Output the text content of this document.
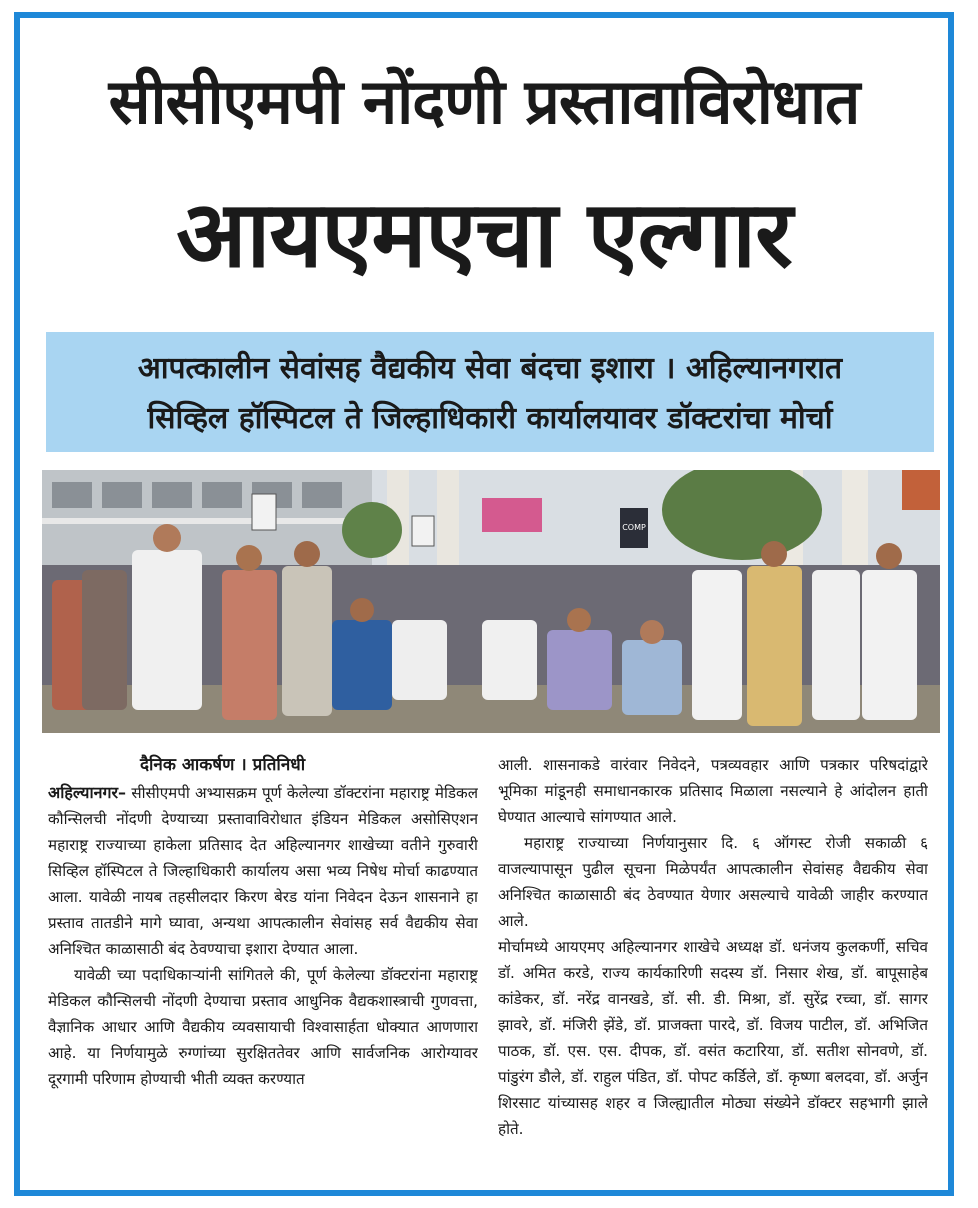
सीसीएमपी नोंदणी प्रस्तावाविरोधात
आयएमएचा एल्गार
आपत्कालीन सेवांसह वैद्यकीय सेवा बंदचा इशारा । अहिल्यानगरात
सिव्हिल हॉस्पिटल ते जिल्हाधिकारी कार्यालयावर डॉक्टरांचा मोर्चा
COMP
दैनिक आकर्षण । प्रतिनिधी

अहिल्यानगर– सीसीएमपी अभ्यासक्रम पूर्ण केलेल्या डॉक्टरांना महाराष्ट्र मेडिकल कौन्सिलची नोंदणी देण्याच्या प्रस्तावाविरोधात इंडियन मेडिकल असोसिएशन महाराष्ट्र राज्याच्या हाकेला प्रतिसाद देत अहिल्यानगर शाखेच्या वतीने गुरुवारी सिव्हिल हॉस्पिटल ते जिल्हाधिकारी कार्यालय असा भव्य निषेध मोर्चा काढण्यात आला. यावेळी नायब तहसीलदार किरण बेरड यांना निवेदन देऊन शासनाने हा प्रस्ताव तातडीने मागे घ्यावा, अन्यथा आपत्कालीन सेवांसह सर्व वैद्यकीय सेवा अनिश्चित काळासाठी बंद ठेवण्याचा इशारा देण्यात आला.

यावेळी च्या पदाधिकाऱ्यांनी सांगितले की, पूर्ण केलेल्या डॉक्टरांना महाराष्ट्र मेडिकल कौन्सिलची नोंदणी देण्याचा प्रस्ताव आधुनिक वैद्यकशास्त्राची गुणवत्ता, वैज्ञानिक आधार आणि वैद्यकीय व्यवसायाची विश्वासार्हता धोक्यात आणणारा आहे. या निर्णयामुळे रुग्णांच्या सुरक्षिततेवर आणि सार्वजनिक आरोग्यावर दूरगामी परिणाम होण्याची भीती व्यक्त करण्यात

आली. शासनाकडे वारंवार निवेदने, पत्रव्यवहार आणि पत्रकार परिषदांद्वारे भूमिका मांडूनही समाधानकारक प्रतिसाद मिळाला नसल्याने हे आंदोलन हाती घेण्यात आल्याचे सांगण्यात आले.

महाराष्ट्र राज्याच्या निर्णयानुसार दि. ६ ऑगस्ट रोजी सकाळी ६ वाजल्यापासून पुढील सूचना मिळेपर्यंत आपत्कालीन सेवांसह वैद्यकीय सेवा अनिश्चित काळासाठी बंद ठेवण्यात येणार असल्याचे यावेळी जाहीर करण्यात आले.

मोर्चामध्ये आयएमए अहिल्यानगर शाखेचे अध्यक्ष डॉ. धनंजय कुलकर्णी, सचिव डॉ. अमित करडे, राज्य कार्यकारिणी सदस्य डॉ. निसार शेख, डॉ. बापूसाहेब कांडेकर, डॉ. नरेंद्र वानखडे, डॉ. सी. डी. मिश्रा, डॉ. सुरेंद्र रच्चा, डॉ. सागर झावरे, डॉ. मंजिरी झेंडे, डॉ. प्राजक्ता पारदे, डॉ. विजय पाटील, डॉ. अभिजित पाठक, डॉ. एस. एस. दीपक, डॉ. वसंत कटारिया, डॉ. सतीश सोनवणे, डॉ. पांडुरंग डौले, डॉ. राहुल पंडित, डॉ. पोपट कर्डिले, डॉ. कृष्णा बलदवा, डॉ. अर्जुन शिरसाट यांच्यासह शहर व जिल्ह्यातील मोठ्या संख्येने डॉक्टर सहभागी झाले होते.
